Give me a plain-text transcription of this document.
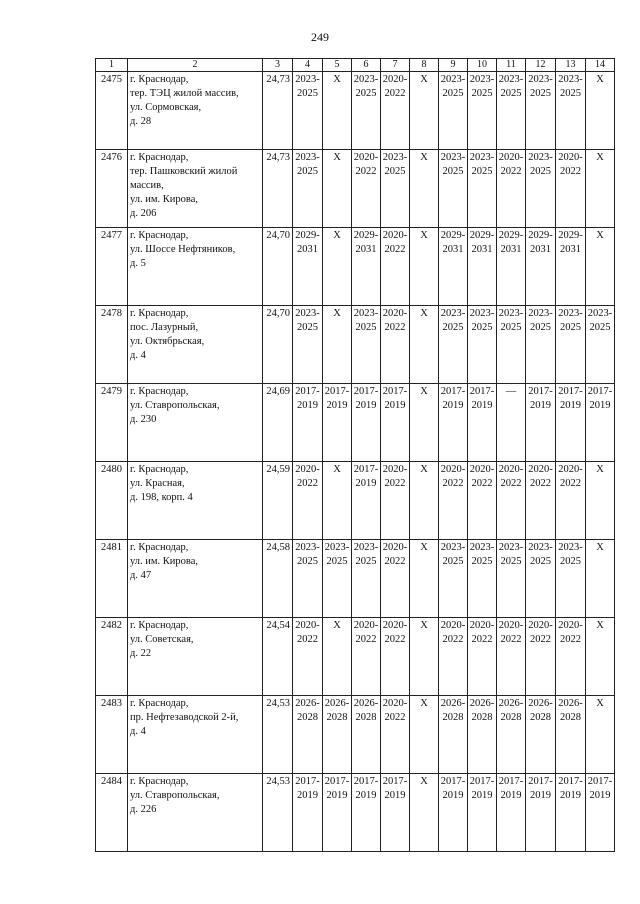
249
1	2	3	4	5	6	7	8	9	10	11	12	13	14
2475	г. Краснодар,
тер. ТЭЦ жилой массив,
ул. Сормовская,
д. 28	24,73	2023-
2025	X	2023-
2025	2020-
2022	X	2023-
2025	2023-
2025	2023-
2025	2023-
2025	2023-
2025	X

2476	г. Краснодар,
тер. Пашковский жилой
массив,
ул. им. Кирова,
д. 206	24,73	2023-
2025	X	2020-
2022	2023-
2025	X	2023-
2025	2023-
2025	2020-
2022	2023-
2025	2020-
2022	X

2477	г. Краснодар,
ул. Шоссе Нефтяников,
д. 5	24,70	2029-
2031	X	2029-
2031	2020-
2022	X	2029-
2031	2029-
2031	2029-
2031	2029-
2031	2029-
2031	X

2478	г. Краснодар,
пос. Лазурный,
ул. Октябрьская,
д. 4	24,70	2023-
2025	X	2023-
2025	2020-
2022	X	2023-
2025	2023-
2025	2023-
2025	2023-
2025	2023-
2025	2023-
2025

2479	г. Краснодар,
ул. Ставропольская,
д. 230	24,69	2017-
2019	2017-
2019	2017-
2019	2017-
2019	X	2017-
2019	2017-
2019	—	2017-
2019	2017-
2019	2017-
2019

2480	г. Краснодар,
ул. Красная,
д. 198, корп. 4	24,59	2020-
2022	X	2017-
2019	2020-
2022	X	2020-
2022	2020-
2022	2020-
2022	2020-
2022	2020-
2022	X

2481	г. Краснодар,
ул. им. Кирова,
д. 47	24,58	2023-
2025	2023-
2025	2023-
2025	2020-
2022	X	2023-
2025	2023-
2025	2023-
2025	2023-
2025	2023-
2025	X

2482	г. Краснодар,
ул. Советская,
д. 22	24,54	2020-
2022	X	2020-
2022	2020-
2022	X	2020-
2022	2020-
2022	2020-
2022	2020-
2022	2020-
2022	X

2483	г. Краснодар,
пр. Нефтезаводской 2-й,
д. 4	24,53	2026-
2028	2026-
2028	2026-
2028	2020-
2022	X	2026-
2028	2026-
2028	2026-
2028	2026-
2028	2026-
2028	X

2484	г. Краснодар,
ул. Ставропольская,
д. 226	24,53	2017-
2019	2017-
2019	2017-
2019	2017-
2019	X	2017-
2019	2017-
2019	2017-
2019	2017-
2019	2017-
2019	2017-
2019
